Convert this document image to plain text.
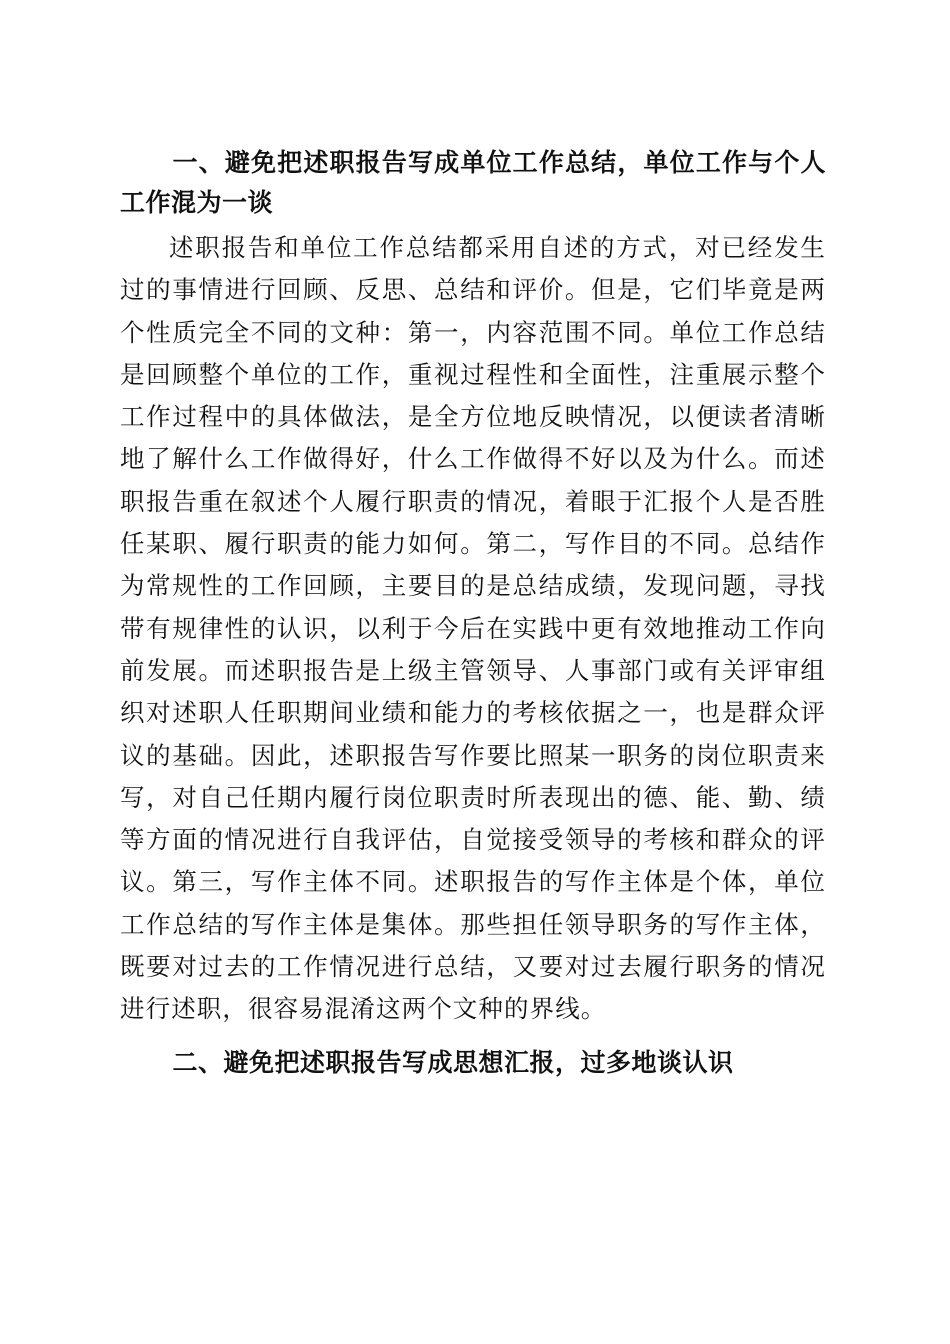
一、避免把述职报告写成单位工作总结，单位工作与个人工作混为一谈

述职报告和单位工作总结都采用自述的方式，对已经发生过的事情进行回顾、反思、总结和评价。但是，它们毕竟是两个性质完全不同的文种：第一，内容范围不同。单位工作总结是回顾整个单位的工作，重视过程性和全面性，注重展示整个工作过程中的具体做法，是全方位地反映情况，以便读者清晰地了解什么工作做得好，什么工作做得不好以及为什么。而述职报告重在叙述个人履行职责的情况，着眼于汇报个人是否胜任某职、履行职责的能力如何。第二，写作目的不同。总结作为常规性的工作回顾，主要目的是总结成绩，发现问题，寻找带有规律性的认识，以利于今后在实践中更有效地推动工作向前发展。而述职报告是上级主管领导、人事部门或有关评审组织对述职人任职期间业绩和能力的考核依据之一，也是群众评议的基础。因此，述职报告写作要比照某一职务的岗位职责来写，对自己任期内履行岗位职责时所表现出的德、能、勤、绩等方面的情况进行自我评估，自觉接受领导的考核和群众的评议。第三，写作主体不同。述职报告的写作主体是个体，单位工作总结的写作主体是集体。那些担任领导职务的写作主体，既要对过去的工作情况进行总结，又要对过去履行职务的情况进行述职，很容易混淆这两个文种的界线。

二、避免把述职报告写成思想汇报，过多地谈认识
